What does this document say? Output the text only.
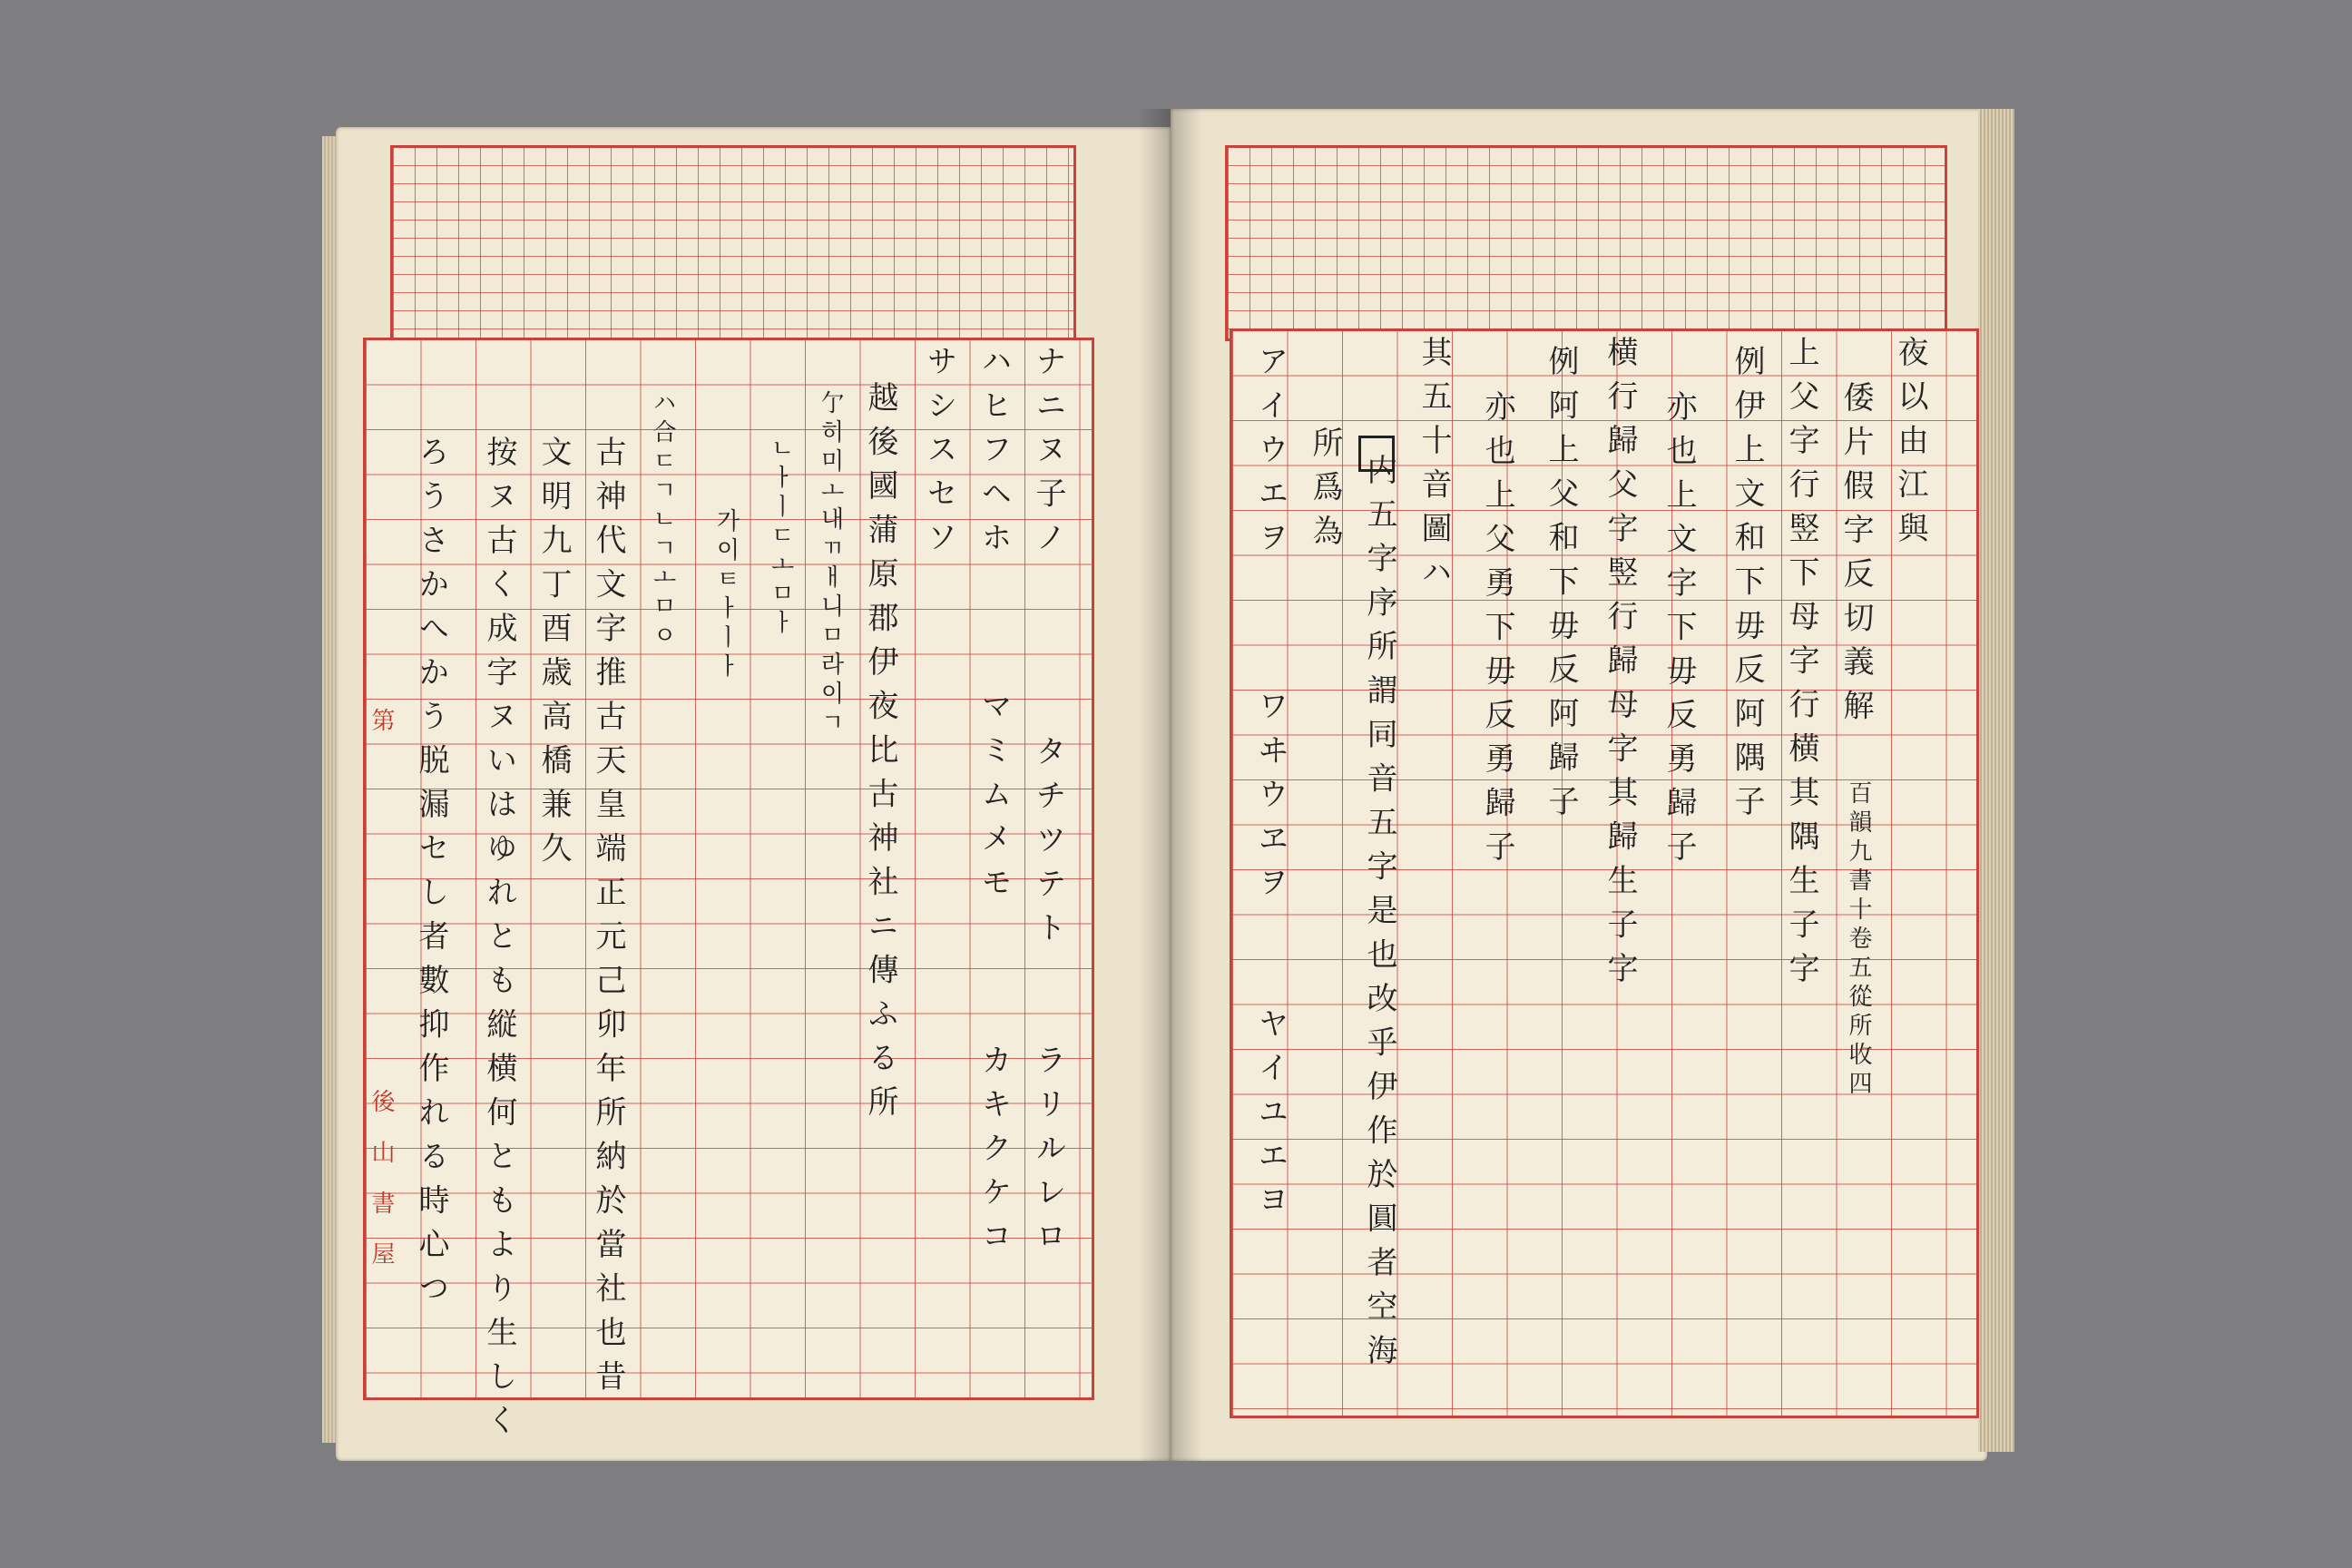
第
後山書屋
ナニヌ子ノ
ハヒフヘホ
サシスセソ
越後國蒲原郡伊夜比古神社ニ傳ふる所
亇히미ㅗ내ㄲㅐ니ㅁ라이ㄱ
ハ合ㄷㄱㄴㄱㅗㅁㅇ
古神代文字推古天皇端正元己卯年所納於當社也昔
文明九丁酉歳高橋兼久
按ヌ古く成字ヌいはゆれとも縦横何ともより生しく
ろうさかへかう脱漏セし者數抑作れる時心つ	タチツテト
マミムメモ
ラリルレロ
カキクケコ
ㄴㅏㅣㄷㅗㅁㅏ
가이ㅌㅏㅣㅏ
夜以由江與
倭片假字反切義解
上父字行竪下母字行横其隅生子字
例伊上文和下毋反阿隅子
亦也上文字下毋反勇歸子
横行歸父字竪行歸母字其歸生子字
例阿上父和下毋反阿歸子
亦也上父勇下毋反勇歸子
其五十音圖ハ
内五字序所謂同音五字是也改乎伊作於圓者空海
所爲為
アイウエヲ
ワヰウヱヲ
ヤイユエヨ
百韻九書十卷五從所收四
